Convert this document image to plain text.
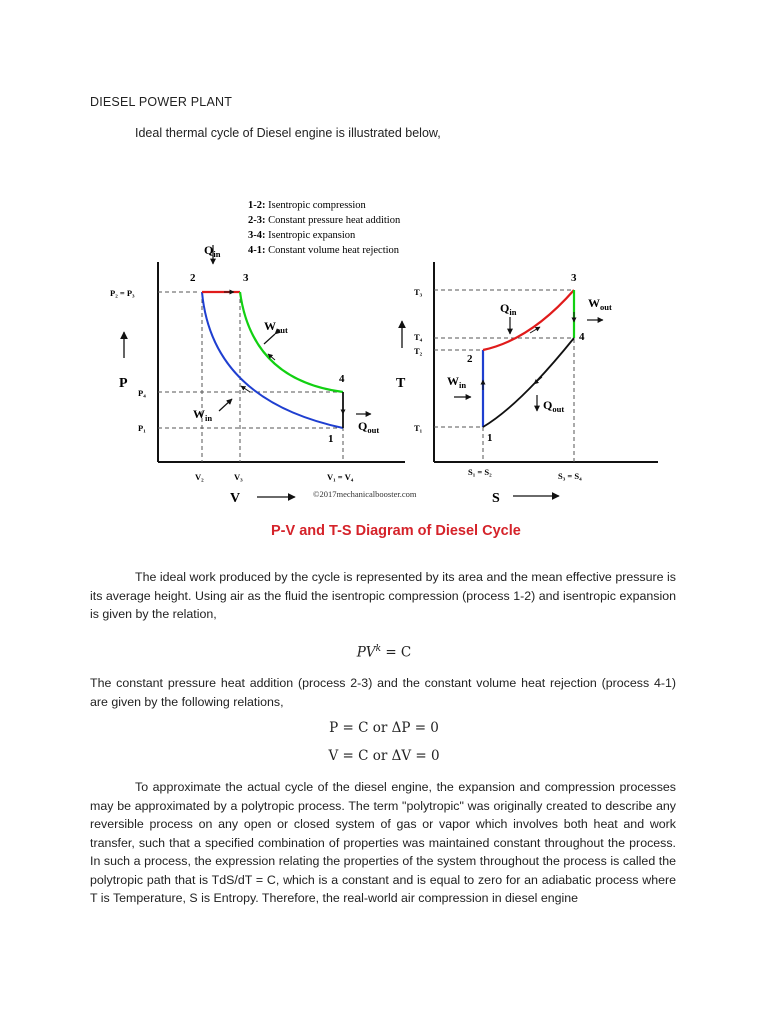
DIESEL POWER PLANT
Ideal thermal cycle of Diesel engine is illustrated below,
1-2: Isentropic compression
2-3: Constant pressure heat addition
3-4: Isentropic expansion
4-1: Constant volume heat rejection
2	3
4
1
P₂ = P₃
P₄
P₁
V₂	V₃	V₁ = V₄
P
V
$Q_{in}$
$W_{out}$
$W_{in}$
$Q_{out}$
©2017mechanicalbooster.com
3
4
2
1
T₃
T₄
T₂
T₁
S₁ = S₂	S₃ = S₄
T
S
$Q_{in}$
$W_{out}$
$W_{in}$
$Q_{out}$
P-V and T-S Diagram of Diesel Cycle

The ideal work produced by the cycle is represented by its area and the mean effective pressure is its average height. Using air as the fluid the isentropic compression (process 1-2) and isentropic expansion is given by the relation,

$PV^k = C$

The constant pressure heat addition (process 2-3) and the constant volume heat rejection (process 4-1) are given by the following relations,

P = C or ΔP = 0
V = C or ΔV = 0

To approximate the actual cycle of the diesel engine, the expansion and compression processes may be approximated by a polytropic process. The term "polytropic" was originally created to describe any reversible process on any open or closed system of gas or vapor which involves both heat and work transfer, such that a specified combination of properties was maintained constant throughout the process. In such a process, the expression relating the properties of the system throughout the process is called the polytropic path that is TdS/dT = C, which is a constant and is equal to zero for an adiabatic process where T is Temperature, S is Entropy. Therefore, the real-world air compression in diesel engine
